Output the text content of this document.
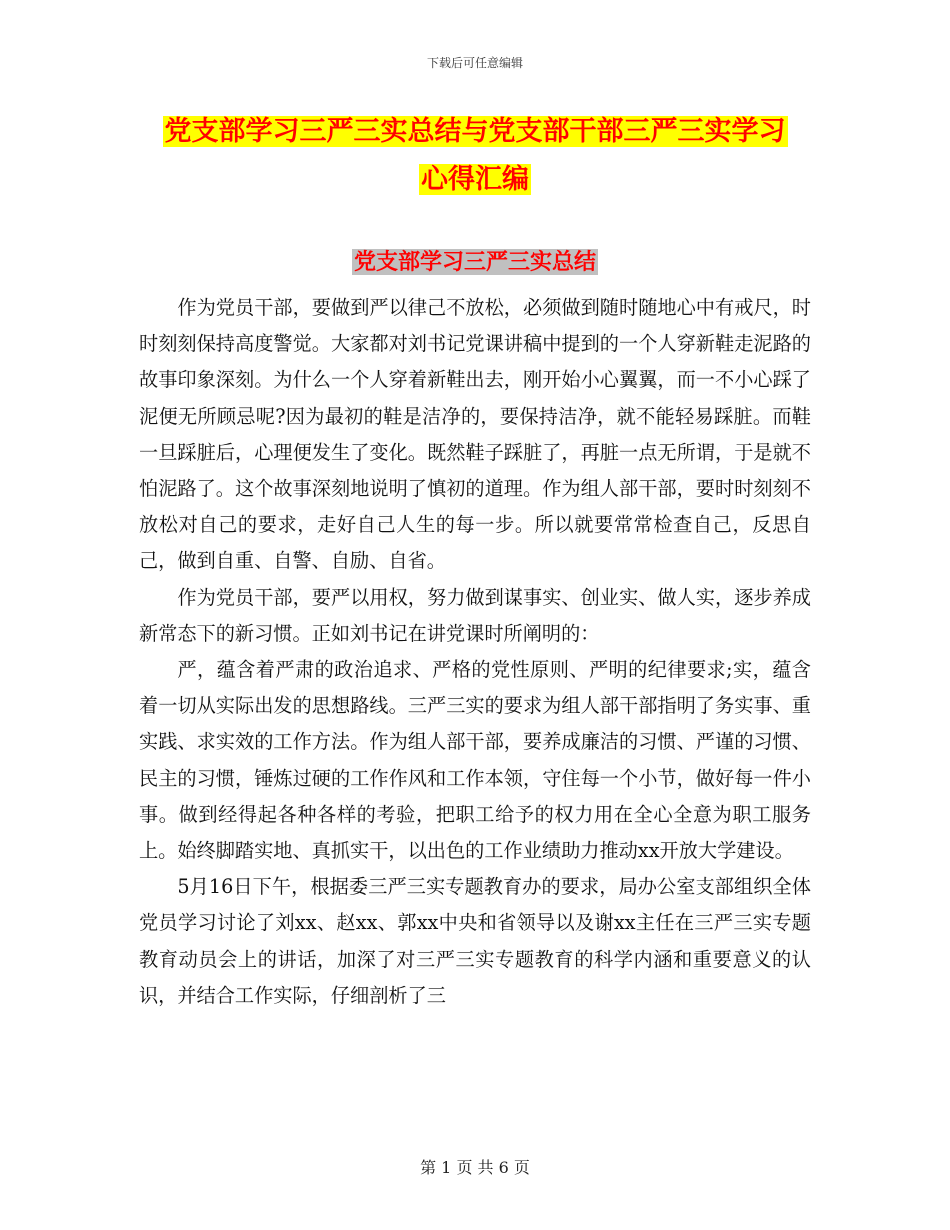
下载后可任意编辑
党支部学习三严三实总结与党支部干部三严三实学习
心得汇编
党支部学习三严三实总结

作为党员干部，要做到严以律己不放松，必须做到随时随地心中有戒尺，时时刻刻保持高度警觉。大家都对刘书记党课讲稿中提到的一个人穿新鞋走泥路的故事印象深刻。为什么一个人穿着新鞋出去，刚开始小心翼翼，而一不小心踩了泥便无所顾忌呢?因为最初的鞋是洁净的，要保持洁净，就不能轻易踩脏。而鞋一旦踩脏后，心理便发生了变化。既然鞋子踩脏了，再脏一点无所谓，于是就不怕泥路了。这个故事深刻地说明了慎初的道理。作为组人部干部，要时时刻刻不放松对自己的要求，走好自己人生的每一步。所以就要常常检查自己，反思自己，做到自重、自警、自励、自省。

作为党员干部，要严以用权，努力做到谋事实、创业实、做人实，逐步养成新常态下的新习惯。正如刘书记在讲党课时所阐明的：

严，蕴含着严肃的政治追求、严格的党性原则、严明的纪律要求;实，蕴含着一切从实际出发的思想路线。三严三实的要求为组人部干部指明了务实事、重实践、求实效的工作方法。作为组人部干部，要养成廉洁的习惯、严谨的习惯、民主的习惯，锤炼过硬的工作作风和工作本领，守住每一个小节，做好每一件小事。做到经得起各种各样的考验，把职工给予的权力用在全心全意为职工服务上。始终脚踏实地、真抓实干，以出色的工作业绩助力推动xx开放大学建设。

5月16日下午，根据委三严三实专题教育办的要求，局办公室支部组织全体党员学习讨论了刘xx、赵xx、郭xx中央和省领导以及谢xx主任在三严三实专题教育动员会上的讲话，加深了对三严三实专题教育的科学内涵和重要意义的认识，并结合工作实际，仔细剖析了三

第 1 页 共 6 页
